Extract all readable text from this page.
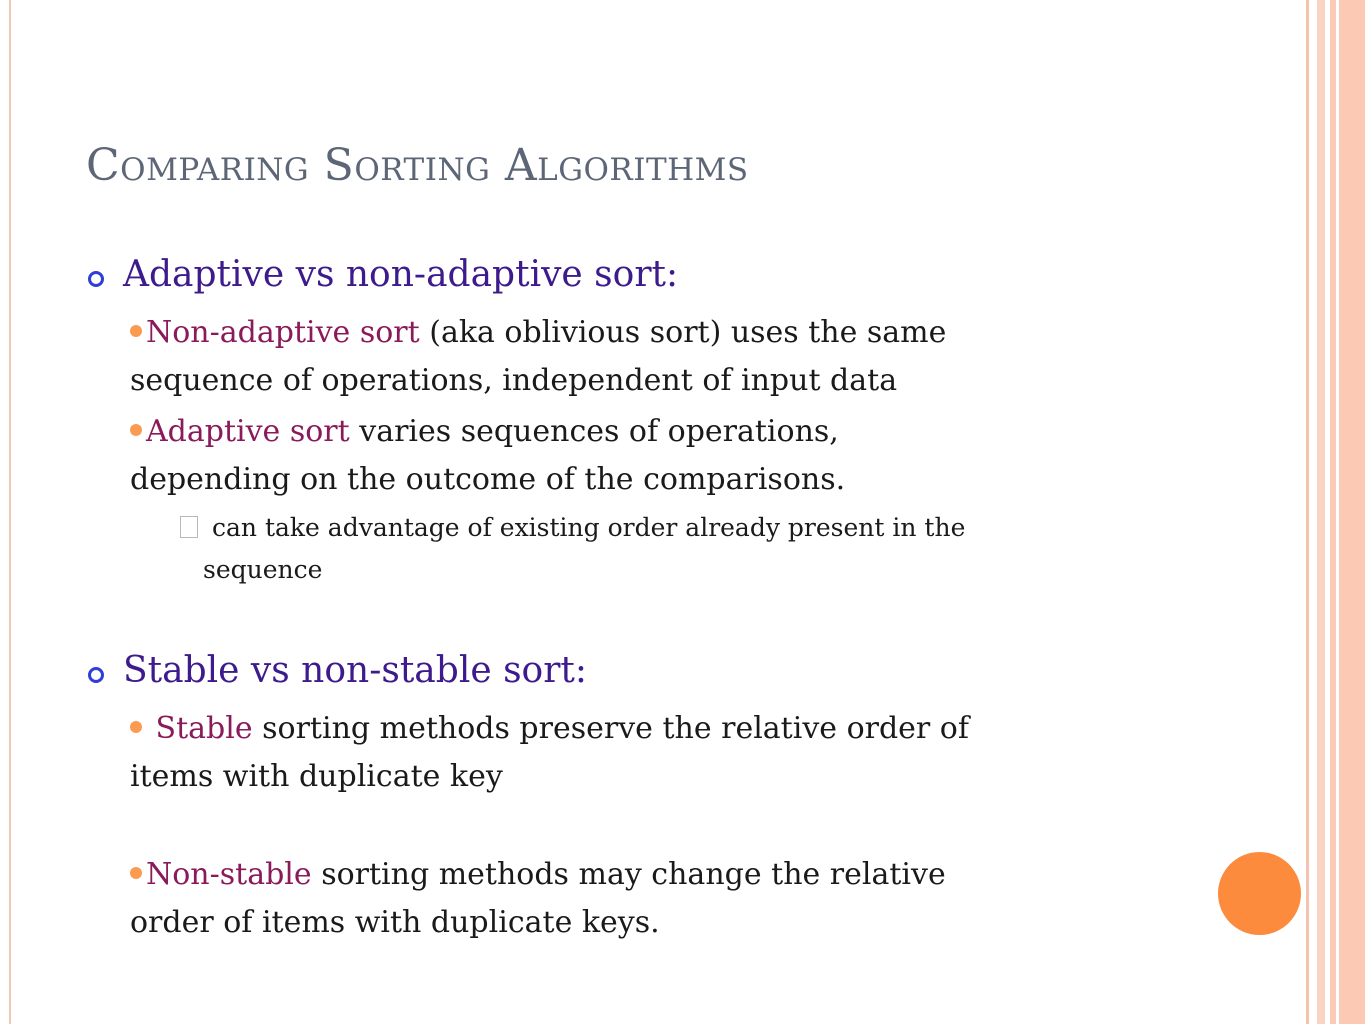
Comparing Sorting Algorithms
Adaptive vs non-adaptive sort:
Non-adaptive sort (aka oblivious sort) uses the same
sequence of operations, independent of input data
Adaptive sort varies sequences of operations,
depending on the outcome of the comparisons.
can take advantage of existing order already present in the
sequence
Stable vs non-stable sort:
Stable sorting methods preserve the relative order of
items with duplicate key
Non-stable sorting methods may change the relative
order of items with duplicate keys.
